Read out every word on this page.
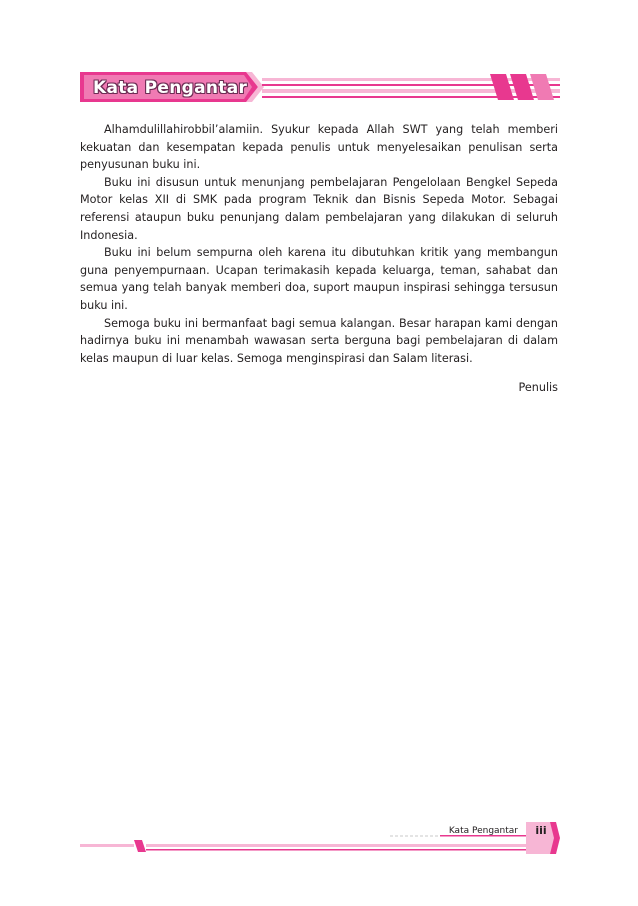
Kata Pengantar

Alhamdulillahirobbil’alamiin. Syukur kepada Allah SWT yang telah memberi kekuatan dan kesempatan kepada penulis untuk menyelesaikan penulisan serta penyusunan buku ini.

Buku ini disusun untuk menunjang pembelajaran Pengelolaan Bengkel Sepeda Motor kelas XII di SMK pada program Teknik dan Bisnis Sepeda Motor. Sebagai referensi ataupun buku penunjang dalam pembelajaran yang dilakukan di seluruh Indonesia.

Buku ini belum sempurna oleh karena itu dibutuhkan kritik yang membangun guna penyempurnaan. Ucapan terimakasih kepada keluarga, teman, sahabat dan semua yang telah banyak memberi doa, suport maupun inspirasi sehingga tersusun buku ini.

Semoga buku ini bermanfaat bagi semua kalangan. Besar harapan kami dengan hadirnya buku ini menambah wawasan serta berguna bagi pembelajaran di dalam kelas maupun di luar kelas. Semoga menginspirasi dan Salam literasi.

Penulis

Kata Pengantar	iii
